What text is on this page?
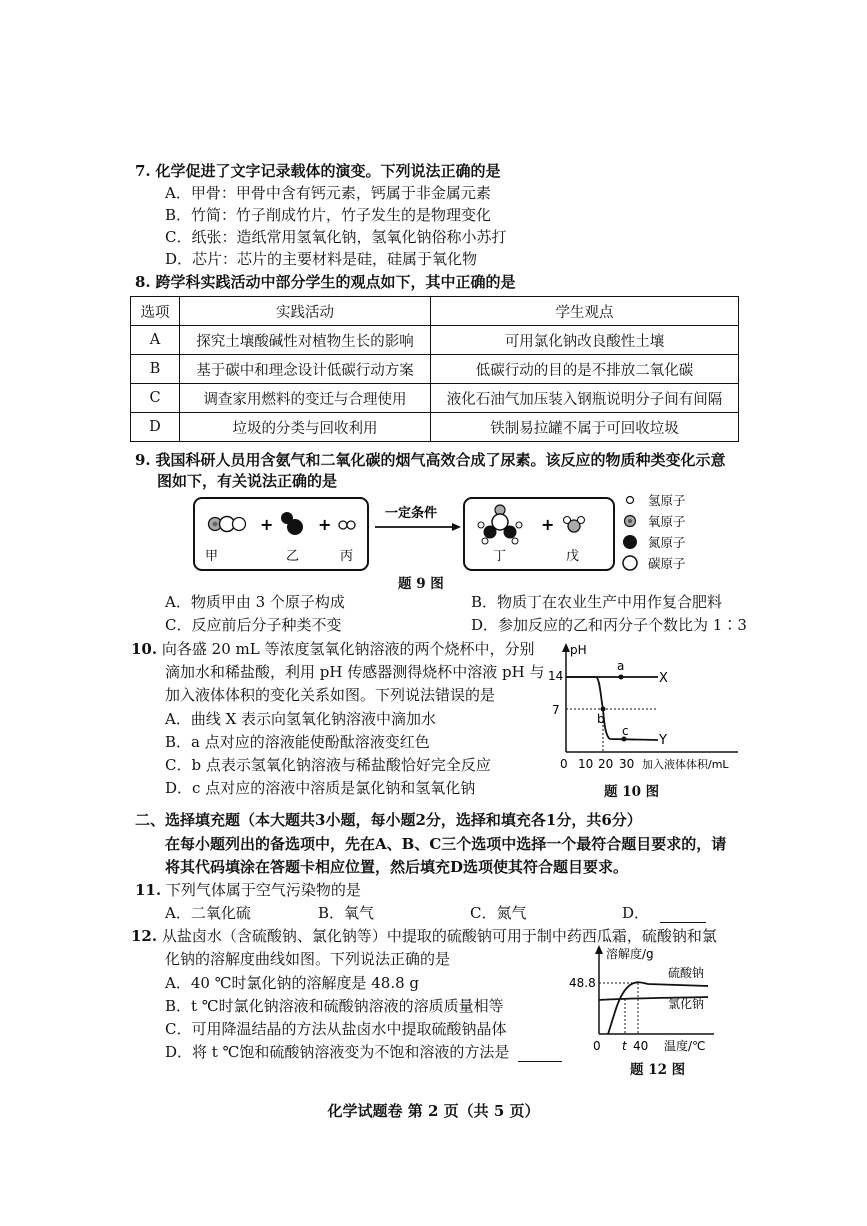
7. 化学促进了文字记录载体的演变。下列说法正确的是
A．甲骨：甲骨中含有钙元素，钙属于非金属元素
B．竹简：竹子削成竹片，竹子发生的是物理变化
C．纸张：造纸常用氢氧化钠，氢氧化钠俗称小苏打
D．芯片：芯片的主要材料是硅，硅属于氧化物
8. 跨学科实践活动中部分学生的观点如下，其中正确的是
选项	实践活动	学生观点
A	探究土壤酸碱性对植物生长的影响	可用氯化钠改良酸性土壤
B	基于碳中和理念设计低碳行动方案	低碳行动的目的是不排放二氧化碳
C	调查家用燃料的变迁与合理使用	液化石油气加压装入钢瓶说明分子间有间隔
D	垃圾的分类与回收利用	铁制易拉罐不属于可回收垃圾
9. 我国科研人员用含氨气和二氧化碳的烟气高效合成了尿素。该反应的物质种类变化示意
图如下，有关说法正确的是
+	+
一定条件
+
甲	乙	丙	丁	戊
氢原子
氧原子
氮原子
碳原子
题 9 图
A．物质甲由 3 个原子构成	B．物质丁在农业生产中用作复合肥料
C．反应前后分子种类不变	D．参加反应的乙和丙分子个数比为 1∶3
10. 向各盛 20 mL 等浓度氢氧化钠溶液的两个烧杯中，分别
滴加水和稀盐酸，利用 pH 传感器测得烧杯中溶液 pH 与
加入液体体积的变化关系如图。下列说法错误的是
A．曲线 X 表示向氢氧化钠溶液中滴加水
B．a 点对应的溶液能使酚酞溶液变红色
C．b 点表示氢氧化钠溶液与稀盐酸恰好完全反应
D．c 点对应的溶液中溶质是氯化钠和氢氧化钠
pH
14
7
a
b
c
X
Y
0 10 20 30 加入液体体积/mL
题 10 图
二、选择填充题（本大题共3小题，每小题2分，选择和填充各1分，共6分）
在每小题列出的备选项中，先在A、B、C三个选项中选择一个最符合题目要求的，请
将其代码填涂在答题卡相应位置，然后填充D选项使其符合题目要求。
11. 下列气体属于空气污染物的是
A．二氧化硫	B．氧气	C．氮气	D．
12. 从盐卤水（含硫酸钠、氯化钠等）中提取的硫酸钠可用于制中药西瓜霜，硫酸钠和氯
化钠的溶解度曲线如图。下列说法正确的是
A．40 ℃时氯化钠的溶解度是 48.8 g
B．t ℃时氯化钠溶液和硫酸钠溶液的溶质质量相等
C．可用降温结晶的方法从盐卤水中提取硫酸钠晶体
D．将 t ℃饱和硫酸钠溶液变为不饱和溶液的方法是
溶解度/g
48.8
硫酸钠
氯化钠
0 t 40 温度/℃
题 12 图
化学试题卷 第 2 页（共 5 页）
